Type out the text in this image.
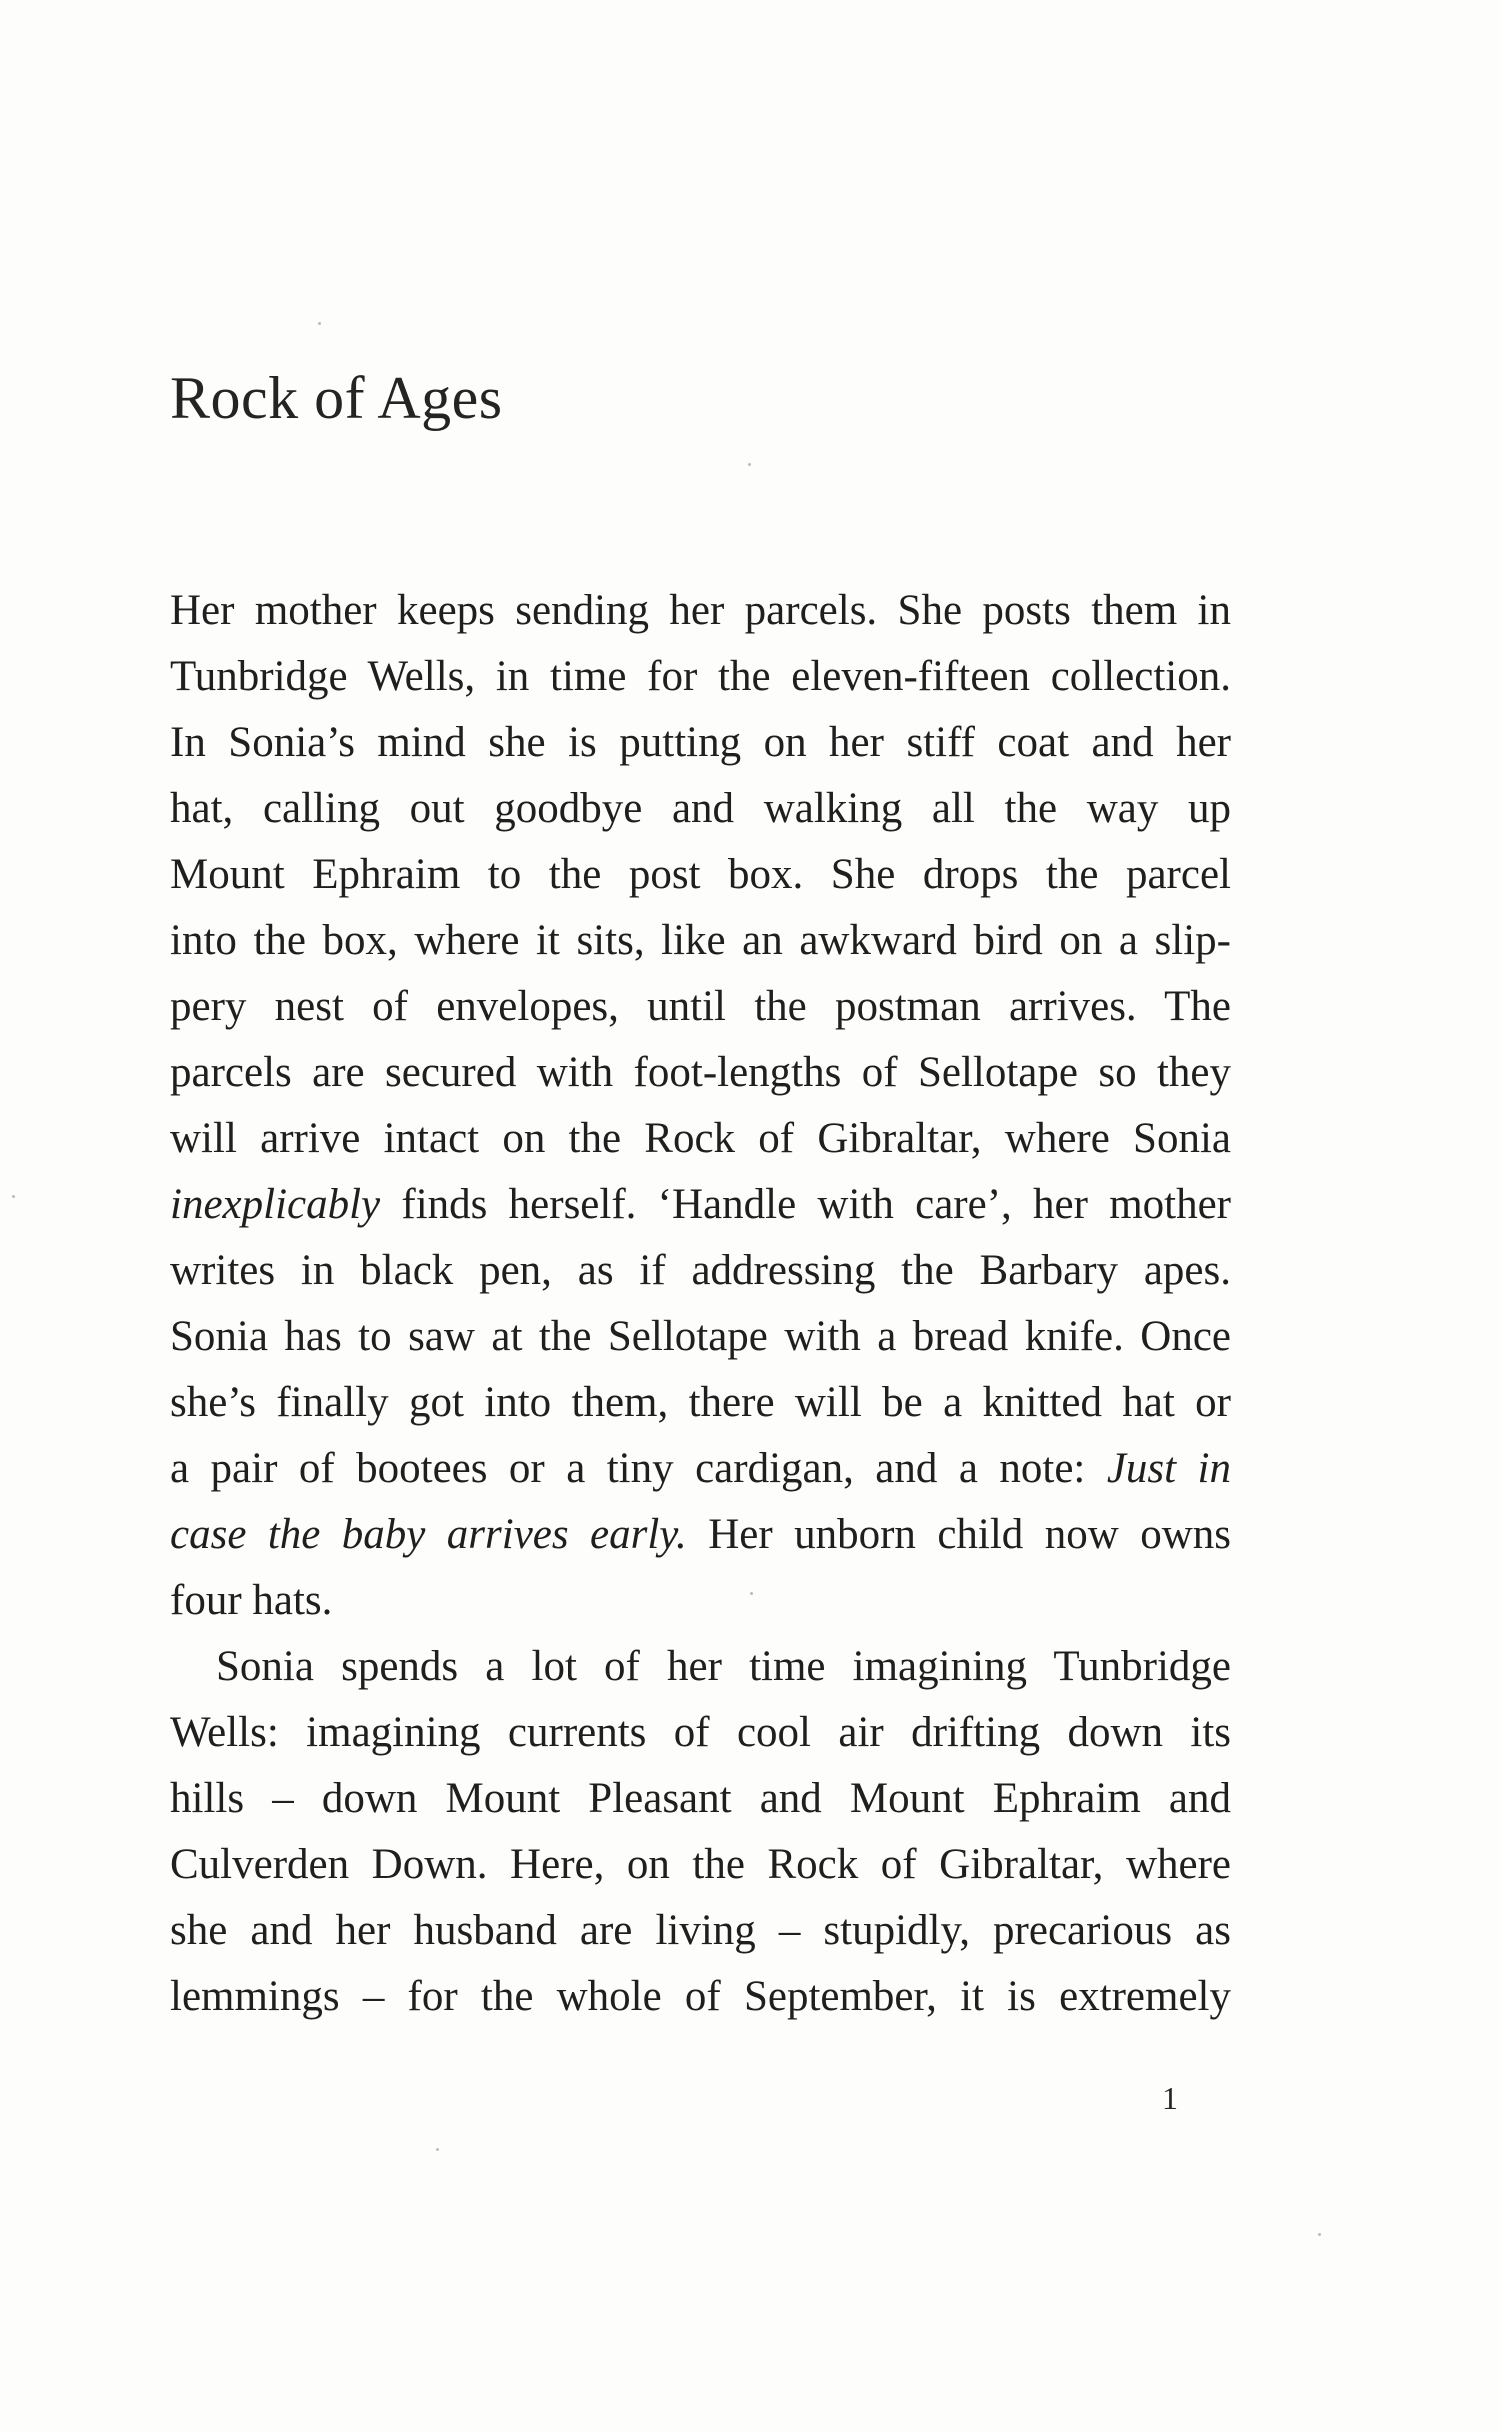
Rock of Ages
Her mother keeps sending her parcels. She posts them in
Tunbridge Wells, in time for the eleven-fifteen collection.
In Sonia’s mind she is putting on her stiff coat and her
hat, calling out goodbye and walking all the way up
Mount Ephraim to the post box. She drops the parcel
into the box, where it sits, like an awkward bird on a slip-
pery nest of envelopes, until the postman arrives. The
parcels are secured with foot-lengths of Sellotape so they
will arrive intact on the Rock of Gibraltar, where Sonia
inexplicably finds herself. ‘Handle with care’, her mother
writes in black pen, as if addressing the Barbary apes.
Sonia has to saw at the Sellotape with a bread knife. Once
she’s finally got into them, there will be a knitted hat or
a pair of bootees or a tiny cardigan, and a note: Just in
case the baby arrives early. Her unborn child now owns
four hats.
Sonia spends a lot of her time imagining Tunbridge
Wells: imagining currents of cool air drifting down its
hills – down Mount Pleasant and Mount Ephraim and
Culverden Down. Here, on the Rock of Gibraltar, where
she and her husband are living – stupidly, precarious as
lemmings – for the whole of September, it is extremely
1
